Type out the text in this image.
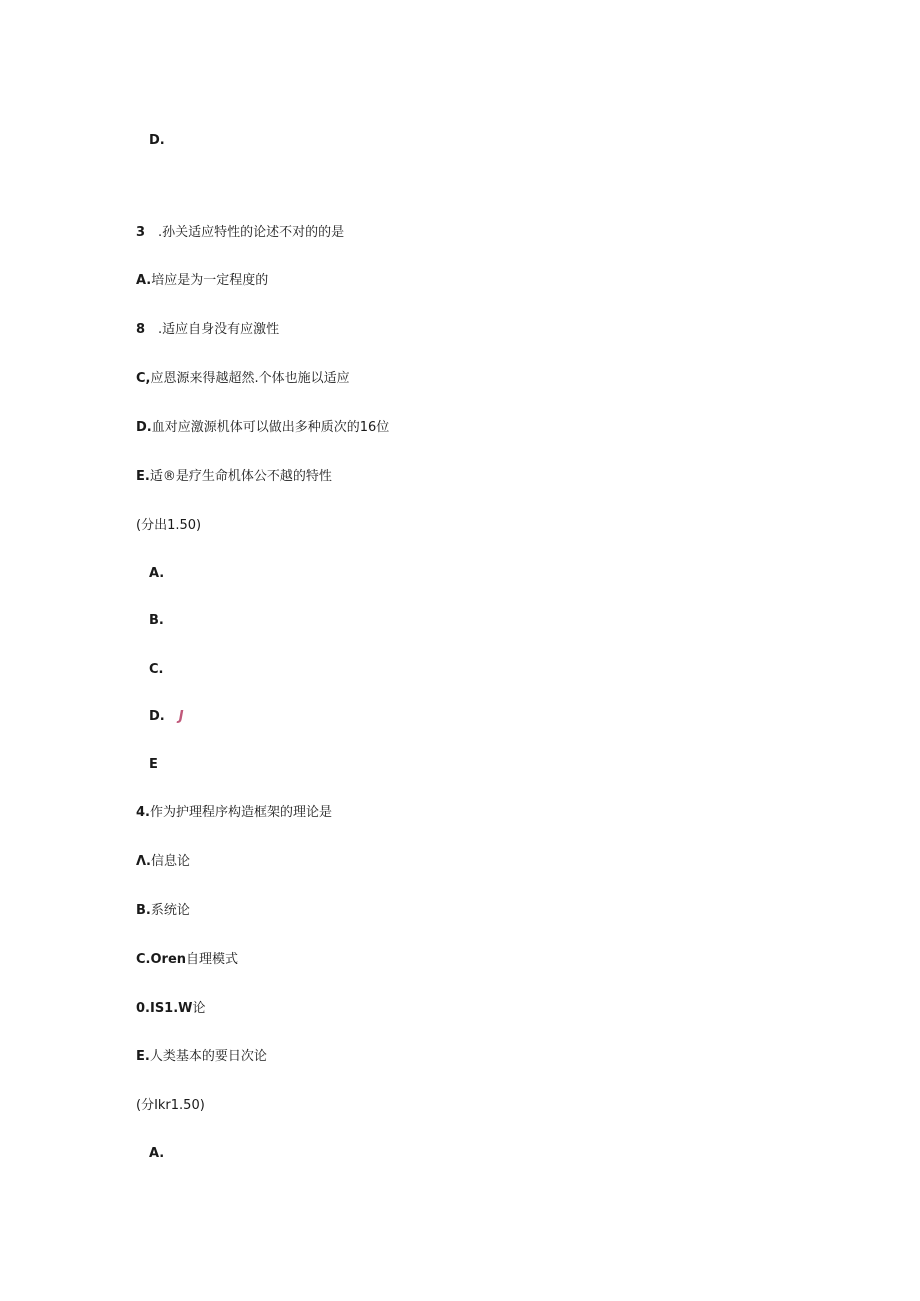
D.
3 .孙关适应特性的论述不对的的是
A.培应是为一定程度的
8 .适应自身没有应激性
C,应恩源来得越超然.个体也施以适应
D.血对应激源机体可以做出多种质次的16位
E.适®是疗生命机体公不越的特性
(分出1.50)
A.
B.
C.
D. J
E
4.作为护理程序构造框架的理论是
Λ.信息论
B.系统论
C.Oren自理模式
0.IS1.W论
E.人类基本的要日次论
(分Ikr1.50)
A.
